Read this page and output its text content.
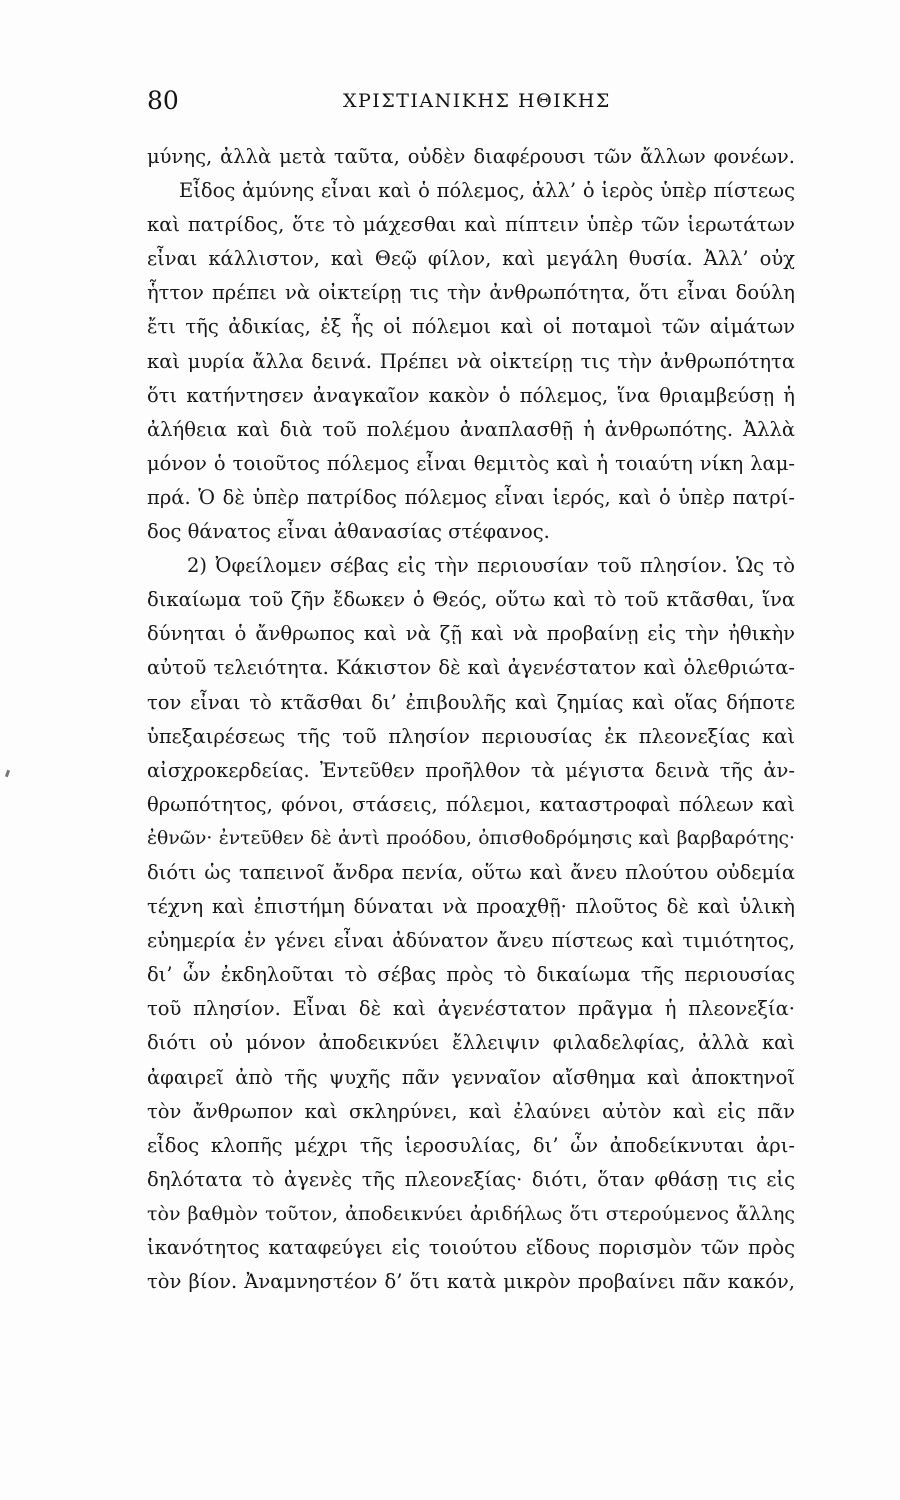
80	ΧΡΙΣΤΙΑΝΙΚΗΣ ΗΘΙΚΗΣ
μύνης, ἀλλὰ μετὰ ταῦτα, οὐδὲν διαφέρουσι τῶν ἄλλων φονέων.
Εἶδος ἀμύνης εἶναι καὶ ὁ πόλεμος, ἀλλ’ ὁ ἱερὸς ὑπὲρ πίστεως
καὶ πατρίδος, ὅτε τὸ μάχεσθαι καὶ πίπτειν ὑπὲρ τῶν ἱερωτάτων
εἶναι κάλλιστον, καὶ Θεῷ φίλον, καὶ μεγάλη θυσία. Ἀλλ’ οὐχ
ἧττον πρέπει νὰ οἰκτείρῃ τις τὴν ἀνθρωπότητα, ὅτι εἶναι δούλη
ἔτι τῆς ἀδικίας, ἐξ ἧς οἱ πόλεμοι καὶ οἱ ποταμοὶ τῶν αἱμάτων
καὶ μυρία ἄλλα δεινά. Πρέπει νὰ οἰκτείρῃ τις τὴν ἀνθρωπότητα
ὅτι κατήντησεν ἀναγκαῖον κακὸν ὁ πόλεμος, ἵνα θριαμβεύσῃ ἡ
ἀλήθεια καὶ διὰ τοῦ πολέμου ἀναπλασθῇ ἡ ἀνθρωπότης. Ἀλλὰ
μόνον ὁ τοιοῦτος πόλεμος εἶναι θεμιτὸς καὶ ἡ τοιαύτη νίκη λαμ-
πρά. Ὁ δὲ ὑπὲρ πατρίδος πόλεμος εἶναι ἱερός, καὶ ὁ ὑπὲρ πατρί-
δος θάνατος εἶναι ἀθανασίας στέφανος.
2) Ὀφείλομεν σέβας εἰς τὴν περιουσίαν τοῦ πλησίον. Ὡς τὸ
δικαίωμα τοῦ ζῆν ἔδωκεν ὁ Θεός, οὕτω καὶ τὸ τοῦ κτᾶσθαι, ἵνα
δύνηται ὁ ἄνθρωπος καὶ νὰ ζῇ καὶ νὰ προβαίνῃ εἰς τὴν ἠθικὴν
αὐτοῦ τελειότητα. Κάκιστον δὲ καὶ ἀγενέστατον καὶ ὀλεθριώτα-
τον εἶναι τὸ κτᾶσθαι δι’ ἐπιβουλῆς καὶ ζημίας καὶ οἵας δήποτε
ὑπεξαιρέσεως τῆς τοῦ πλησίον περιουσίας ἐκ πλεονεξίας καὶ
αἰσχροκερδείας. Ἐντεῦθεν προῆλθον τὰ μέγιστα δεινὰ τῆς ἀν-
θρωπότητος, φόνοι, στάσεις, πόλεμοι, καταστροφαὶ πόλεων καὶ
ἐθνῶν· ἐντεῦθεν δὲ ἀντὶ προόδου, ὀπισθοδρόμησις καὶ βαρβαρότης·
διότι ὡς ταπεινοῖ ἄνδρα πενία, οὕτω καὶ ἄνευ πλούτου οὐδεμία
τέχνη καὶ ἐπιστήμη δύναται νὰ προαχθῇ· πλοῦτος δὲ καὶ ὑλικὴ
εὐημερία ἐν γένει εἶναι ἀδύνατον ἄνευ πίστεως καὶ τιμιότητος,
δι’ ὧν ἐκδηλοῦται τὸ σέβας πρὸς τὸ δικαίωμα τῆς περιουσίας
τοῦ πλησίον. Εἶναι δὲ καὶ ἀγενέστατον πρᾶγμα ἡ πλεονεξία·
διότι οὐ μόνον ἀποδεικνύει ἔλλειψιν φιλαδελφίας, ἀλλὰ καὶ
ἀφαιρεῖ ἀπὸ τῆς ψυχῆς πᾶν γενναῖον αἴσθημα καὶ ἀποκτηνοῖ
τὸν ἄνθρωπον καὶ σκληρύνει, καὶ ἐλαύνει αὐτὸν καὶ εἰς πᾶν
εἶδος κλοπῆς μέχρι τῆς ἱεροσυλίας, δι’ ὧν ἀποδείκνυται ἀρι-
δηλότατα τὸ ἀγενὲς τῆς πλεονεξίας· διότι, ὅταν φθάσῃ τις εἰς
τὸν βαθμὸν τοῦτον, ἀποδεικνύει ἀριδήλως ὅτι στερούμενος ἄλλης
ἱκανότητος καταφεύγει εἰς τοιούτου εἴδους πορισμὸν τῶν πρὸς
τὸν βίον. Ἀναμνηστέον δ’ ὅτι κατὰ μικρὸν προβαίνει πᾶν κακόν,
